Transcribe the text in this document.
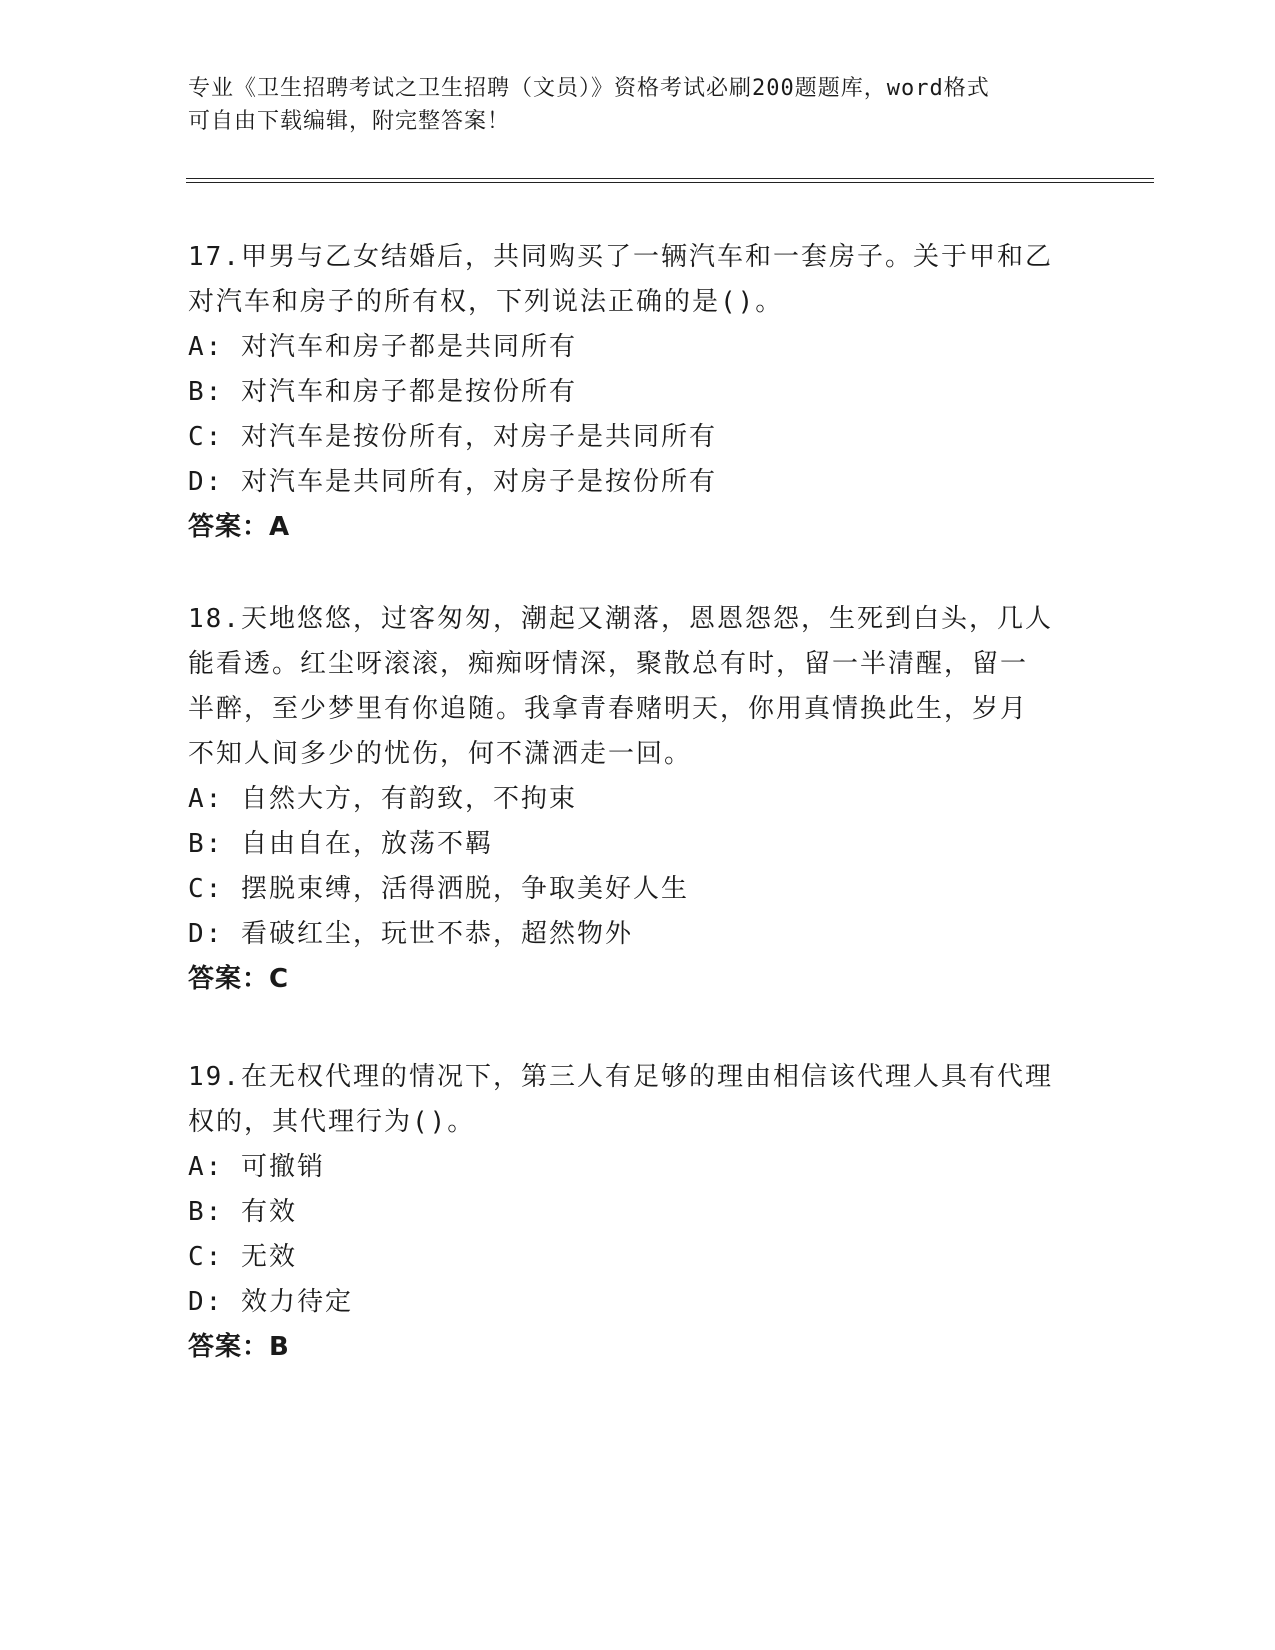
专业《卫生招聘考试之卫生招聘（文员）》资格考试必刷200题题库，word格式
可自由下载编辑，附完整答案！

17.甲男与乙女结婚后，共同购买了一辆汽车和一套房子。关于甲和乙

对汽车和房子的所有权，下列说法正确的是()。

A: 对汽车和房子都是共同所有

B: 对汽车和房子都是按份所有

C: 对汽车是按份所有，对房子是共同所有

D: 对汽车是共同所有，对房子是按份所有

答案：A

18.天地悠悠，过客匆匆，潮起又潮落，恩恩怨怨，生死到白头，几人

能看透。红尘呀滚滚，痴痴呀情深，聚散总有时，留一半清醒，留一

半醉，至少梦里有你追随。我拿青春赌明天，你用真情换此生，岁月

不知人间多少的忧伤，何不潇洒走一回。

A: 自然大方，有韵致，不拘束

B: 自由自在，放荡不羁

C: 摆脱束缚，活得洒脱，争取美好人生

D: 看破红尘，玩世不恭，超然物外

答案：C

19.在无权代理的情况下，第三人有足够的理由相信该代理人具有代理

权的，其代理行为()。

A: 可撤销

B: 有效

C: 无效

D: 效力待定

答案：B
